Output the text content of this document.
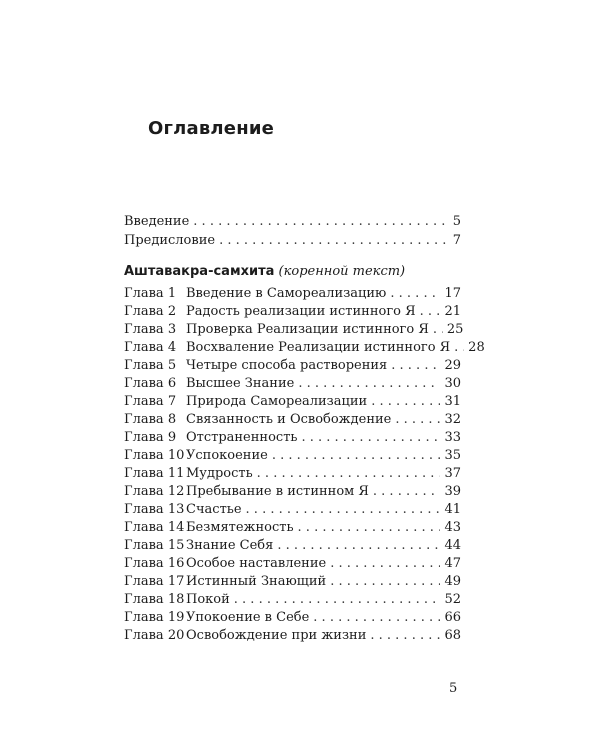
Оглавление
Введение . . .	5
Предисловие . . .	7
Аштавакра-самхита (коренной текст)
Глава 1 Введение в Самореализацию . . .	17
Глава 2 Радость реализации истинного Я . . .	21
Глава 3 Проверка Реализации истинного Я . . .	25
Глава 4 Восхваление Реализации истинного Я . . .	28
Глава 5 Четыре способа растворения . . .	29
Глава 6 Высшее Знание . . .	30
Глава 7 Природа Самореализации . . .	31
Глава 8 Связанность и Освобождение . . .	32
Глава 9 Отстраненность . . .	33
Глава 10 Успокоение . . .	35
Глава 11 Мудрость . . .	37
Глава 12 Пребывание в истинном Я . . .	39
Глава 13 Счастье . . .	41
Глава 14 Безмятежность . . .	43
Глава 15 Знание Себя . . .	44
Глава 16 Особое наставление . . .	47
Глава 17 Истинный Знающий . . .	49
Глава 18 Покой . . .	52
Глава 19 Упокоение в Себе . . .	66
Глава 20 Освобождение при жизни . . .	68
5
